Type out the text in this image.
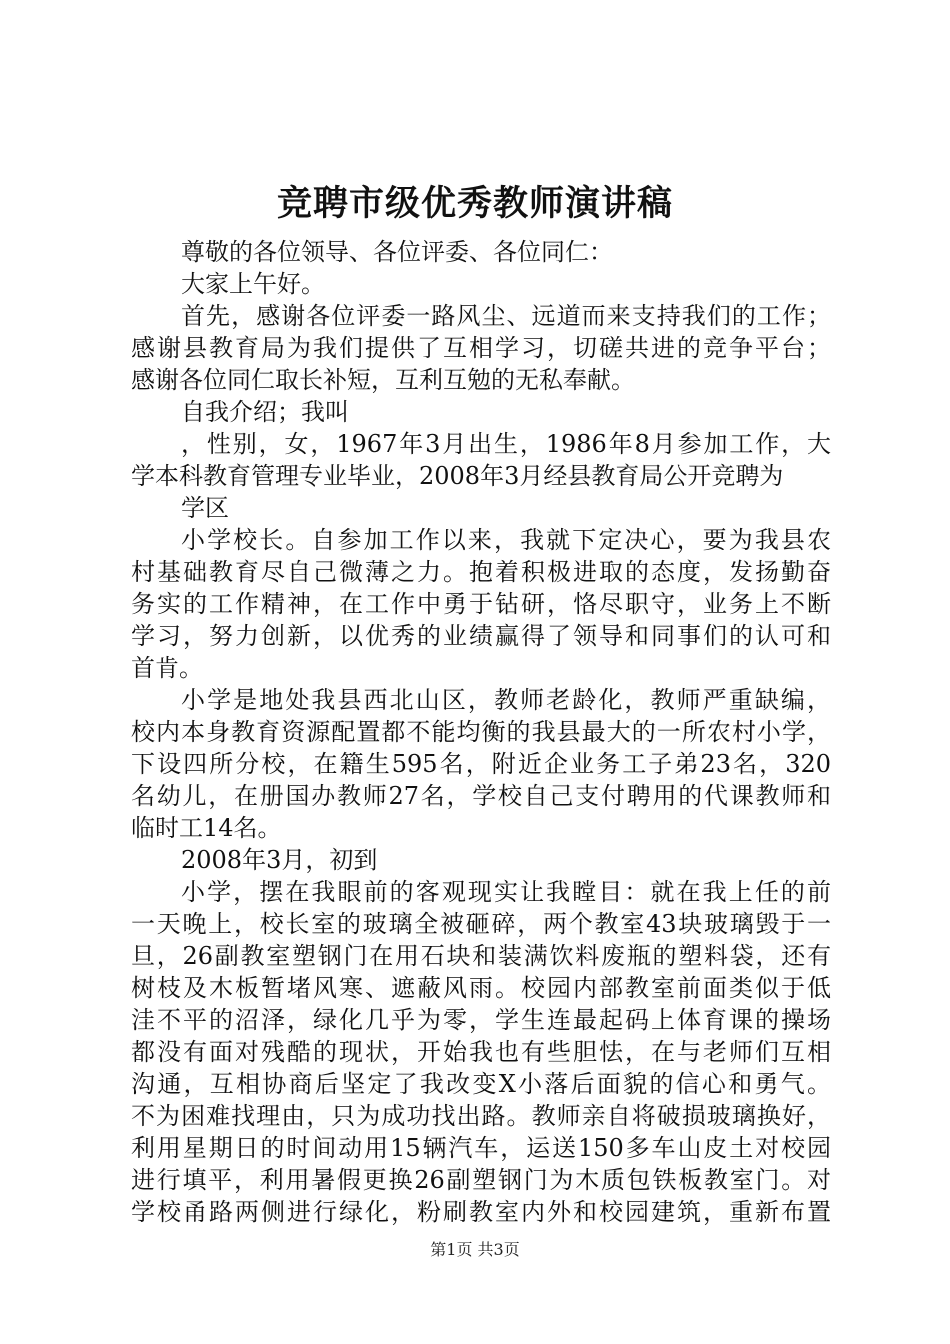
竞聘市级优秀教师演讲稿
尊敬的各位领导、各位评委、各位同仁：
大家上午好。
首先，感谢各位评委一路风尘、远道而来支持我们的工作；
感谢县教育局为我们提供了互相学习，切磋共进的竞争平台；
感谢各位同仁取长补短，互利互勉的无私奉献。
自我介绍；我叫
，性别，女，1967年3月出生，1986年8月参加工作，大
学本科教育管理专业毕业，2008年3月经县教育局公开竞聘为
学区
小学校长。自参加工作以来，我就下定决心，要为我县农
村基础教育尽自己微薄之力。抱着积极进取的态度，发扬勤奋
务实的工作精神，在工作中勇于钻研，恪尽职守，业务上不断
学习，努力创新，以优秀的业绩赢得了领导和同事们的认可和
首肯。
小学是地处我县西北山区，教师老龄化，教师严重缺编，
校内本身教育资源配置都不能均衡的我县最大的一所农村小学，
下设四所分校，在籍生595名，附近企业务工子弟23名，320
名幼儿，在册国办教师27名，学校自己支付聘用的代课教师和
临时工14名。
2008年3月，初到
小学，摆在我眼前的客观现实让我瞠目：就在我上任的前
一天晚上，校长室的玻璃全被砸碎，两个教室43块玻璃毁于一
旦，26副教室塑钢门在用石块和装满饮料废瓶的塑料袋，还有
树枝及木板暂堵风寒、遮蔽风雨。校园内部教室前面类似于低
洼不平的沼泽，绿化几乎为零，学生连最起码上体育课的操场
都没有面对残酷的现状，开始我也有些胆怯，在与老师们互相
沟通，互相协商后坚定了我改变X小落后面貌的信心和勇气。
不为困难找理由，只为成功找出路。教师亲自将破损玻璃换好，
利用星期日的时间动用15辆汽车，运送150多车山皮土对校园
进行填平，利用暑假更换26副塑钢门为木质包铁板教室门。对
学校甬路两侧进行绿化，粉刷教室内外和校园建筑，重新布置
第1页 共3页
